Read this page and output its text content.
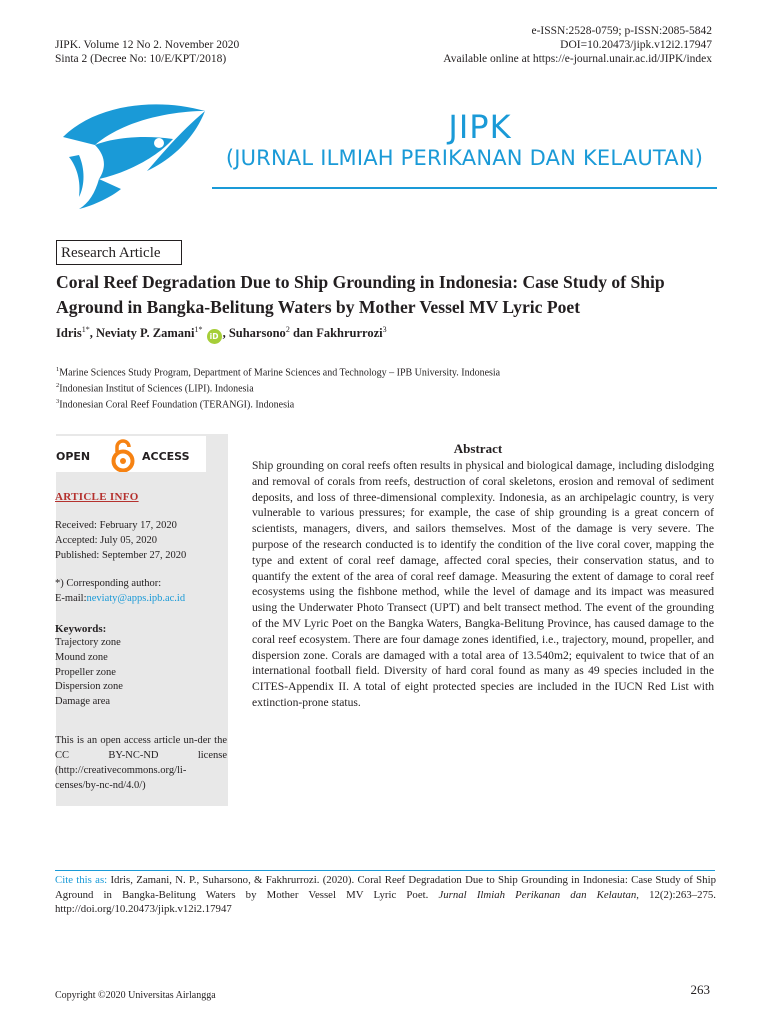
JIPK. Volume 12 No 2. November 2020
Sinta 2 (Decree No: 10/E/KPT/2018)
e-ISSN:2528-0759; p-ISSN:2085-5842
DOI=10.20473/jipk.v12i2.17947
Available online at https://e-journal.unair.ac.id/JIPK/index
JIPK
(JURNAL ILMIAH PERIKANAN DAN KELAUTAN)
Research Article
Coral Reef Degradation Due to Ship Grounding in Indonesia: Case Study of Ship Aground in Bangka-Belitung Waters by Mother Vessel MV Lyric Poet
Idris$^{1*}$, Neviaty P. Zamani$^{1*}$ iD , Suharsono$^2$ dan Fakhrurrozi$^3$
$^1$Marine Sciences Study Program, Department of Marine Sciences and Technology – IPB University. Indonesia
$^2$Indonesian Institut of Sciences (LIPI). Indonesia
$^3$Indonesian Coral Reef Foundation (TERANGI). Indonesia
OPEN	ACCESS
ARTICLE INFO
Received: February 17, 2020
Accepted: July 05, 2020
Published: September 27, 2020
*) Corresponding author:
E-mail:neviaty@apps.ipb.ac.id
Keywords:
Trajectory zone
Mound zone
Propeller zone
Dispersion zone
Damage area
This is an open access article un-der the CC BY-NC-ND license (http://creativecommons.org/li-censes/by-nc-nd/4.0/)
Abstract
Ship grounding on coral reefs often results in physical and biological damage, including dislodging and removal of corals from reefs, destruction of coral skeletons, erosion and removal of sediment deposits, and loss of three-dimensional complexity. Indonesia, as an archipelagic country, is very vulnerable to various pressures; for example, the case of ship grounding is a great concern of scientists, managers, divers, and sailors themselves. Most of the damage is very severe. The purpose of the research conducted is to identify the condition of the live coral cover, mapping the type and extent of coral reef damage, affected coral species, their conservation status, and to quantify the extent of the area of coral reef damage. Measuring the extent of damage to coral reef ecosystems using the fishbone method, while the level of damage and its impact was measured using the Underwater Photo Transect (UPT) and belt transect method. The event of the grounding of the MV Lyric Poet on the Bangka Waters, Bangka-Belitung Province, has caused damage to the coral reef ecosystem. There are four damage zones identified, i.e., trajectory, mound, propeller, and dispersion zone. Corals are damaged with a total area of 13.540m2; equivalent to twice that of an international football field. Diversity of hard coral found as many as 49 species included in the CITES-Appendix II. A total of eight protected species are included in the IUCN Red List with extinction-prone status.
Cite this as: Idris, Zamani, N. P., Suharsono, & Fakhrurrozi. (2020). Coral Reef Degradation Due to Ship Grounding in Indonesia: Case Study of Ship Aground in Bangka-Belitung Waters by Mother Vessel MV Lyric Poet. Jurnal Ilmiah Perikanan dan Kelautan, 12(2):263–275. http://doi.org/10.20473/jipk.v12i2.17947
Copyright ©2020 Universitas Airlangga	263
